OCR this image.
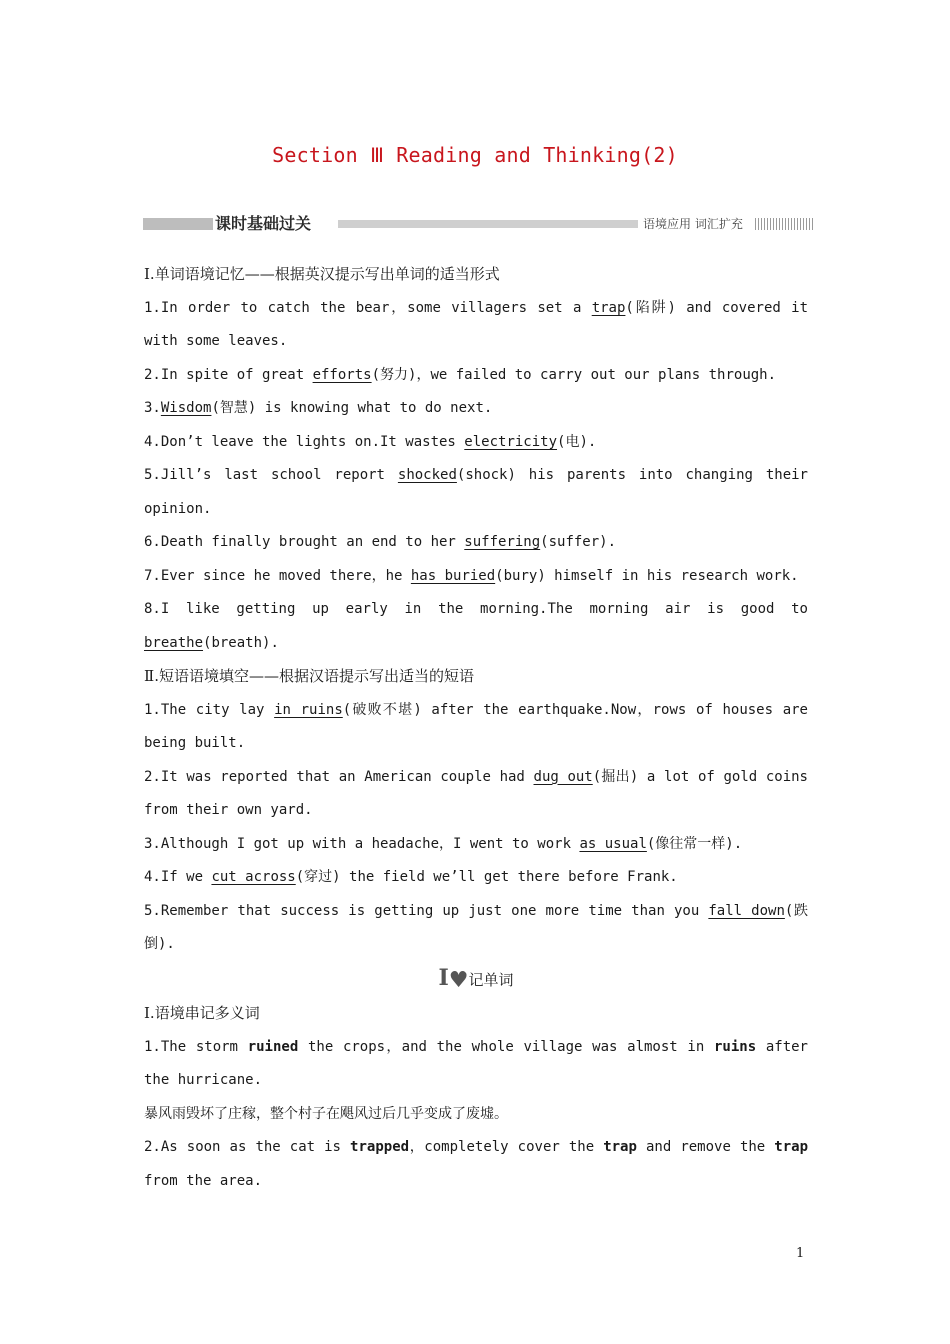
Section Ⅲ Reading and Thinking(2)
课时基础过关	语境应用 词汇扩充
Ⅰ.单词语境记忆——根据英汉提示写出单词的适当形式
1.In order to catch the bear，some villagers set a trap(陷阱) and covered it with some leaves.
2.In spite of great efforts(努力)，we failed to carry out our plans through.
3.Wisdom(智慧) is knowing what to do next.
4.Don’t leave the lights on.It wastes electricity(电).
5.Jill’s last school report shocked(shock) his parents into changing their opinion.
6.Death finally brought an end to her suffering(suffer).
7.Ever since he moved there，he has buried(bury) himself in his research work.
8.I like getting up early in the morning.The morning air is good to breathe(breath).
Ⅱ.短语语境填空——根据汉语提示写出适当的短语
1.The city lay in ruins(破败不堪) after the earthquake.Now，rows of houses are being built.
2.It was reported that an American couple had dug out(掘出) a lot of gold coins from their own yard.
3.Although I got up with a headache，I went to work as usual(像往常一样).
4.If we cut across(穿过) the field we’ll get there before Frank.
5.Remember that success is getting up just one more time than you fall down(跌倒).
I♥记单词
Ⅰ.语境串记多义词
1.The storm ruined the crops，and the whole village was almost in ruins after the hurricane.
暴风雨毁坏了庄稼，整个村子在飓风过后几乎变成了废墟。
2.As soon as the cat is trapped，completely cover the trap and remove the trap from the area.
1
